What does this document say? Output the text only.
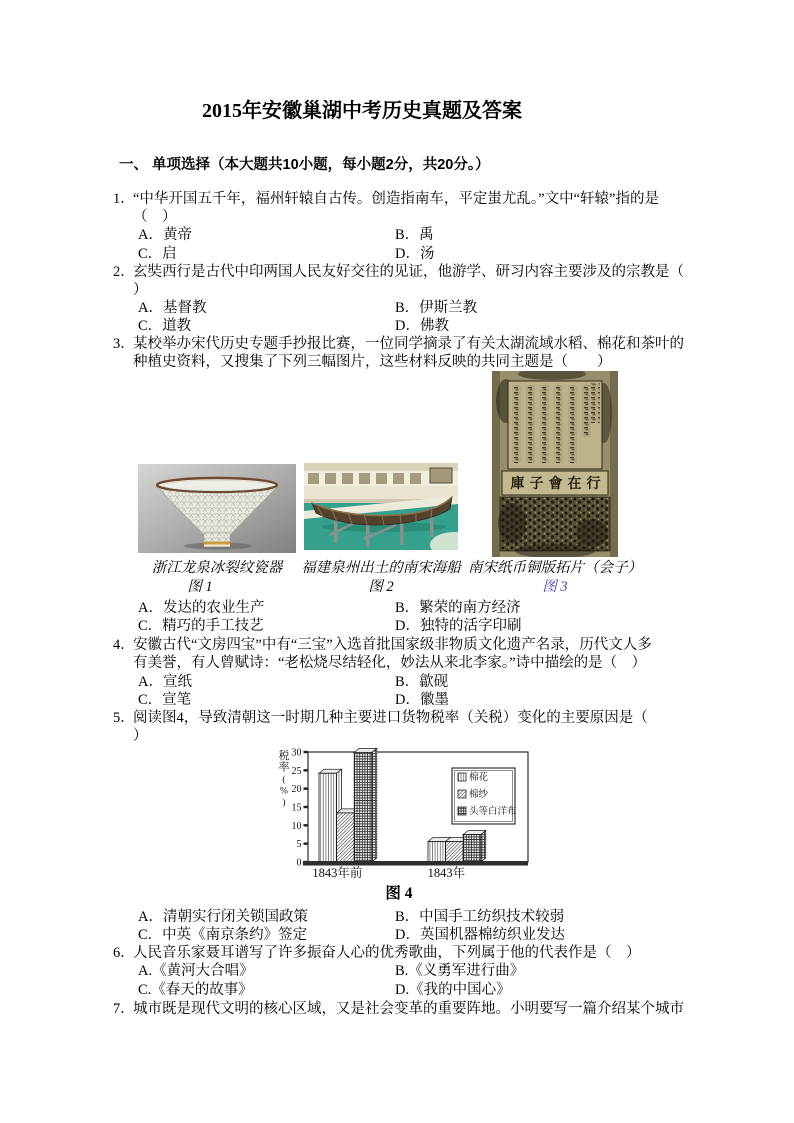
2015年安徽巢湖中考历史真题及答案
一、 单项选择（本大题共10小题，每小题2分，共20分。）
1．“中华开国五千年，福州轩辕自古传。创造指南车，平定蚩尤乱。”文中“轩辕”指的是
（　）
A．黄帝	B．禹
C．启	D．汤
2．玄奘西行是古代中印两国人民友好交往的见证，他游学、研习内容主要涉及的宗教是（
）
A．基督教	B．伊斯兰教
C．道教	D．佛教
3．某校举办宋代历史专题手抄报比赛，一位同学摘录了有关太湖流域水稻、棉花和茶叶的
种植史资料，又搜集了下列三幅图片，这些材料反映的共同主题是（　　）
庫子會在行
浙江龙泉冰裂纹瓷器 福建泉州出土的南宋海船 南宋纸币铜版拓片（会子）
图 1	图 2	图 3
A．发达的农业生产	B．繁荣的南方经济
C．精巧的手工技艺	D．独特的活字印刷
4．安徽古代“文房四宝”中有“三宝”入选首批国家级非物质文化遗产名录，历代文人多
有美誉，有人曾赋诗：“老松烧尽结轻化，妙法从来北李家。”诗中描绘的是（　）
A．宣纸	B．歙砚
C．宣笔	D．徽墨
5．阅读图4，导致清朝这一时期几种主要进口货物税率（关税）变化的主要原因是（
）
0
5
10
15
20
25
30
税
率
(
%
)
1843年前	1843年
棉花
棉纱
头等白洋布
图 4
A．清朝实行闭关锁国政策	B．中国手工纺织技术较弱
C．中英《南京条约》签定	D．英国机器棉纺织业发达
6．人民音乐家聂耳谱写了许多振奋人心的优秀歌曲，下列属于他的代表作是（　）
A.《黄河大合唱》	B.《义勇军进行曲》
C.《春天的故事》	D.《我的中国心》
7．城市既是现代文明的核心区域，又是社会变革的重要阵地。小明要写一篇介绍某个城市
